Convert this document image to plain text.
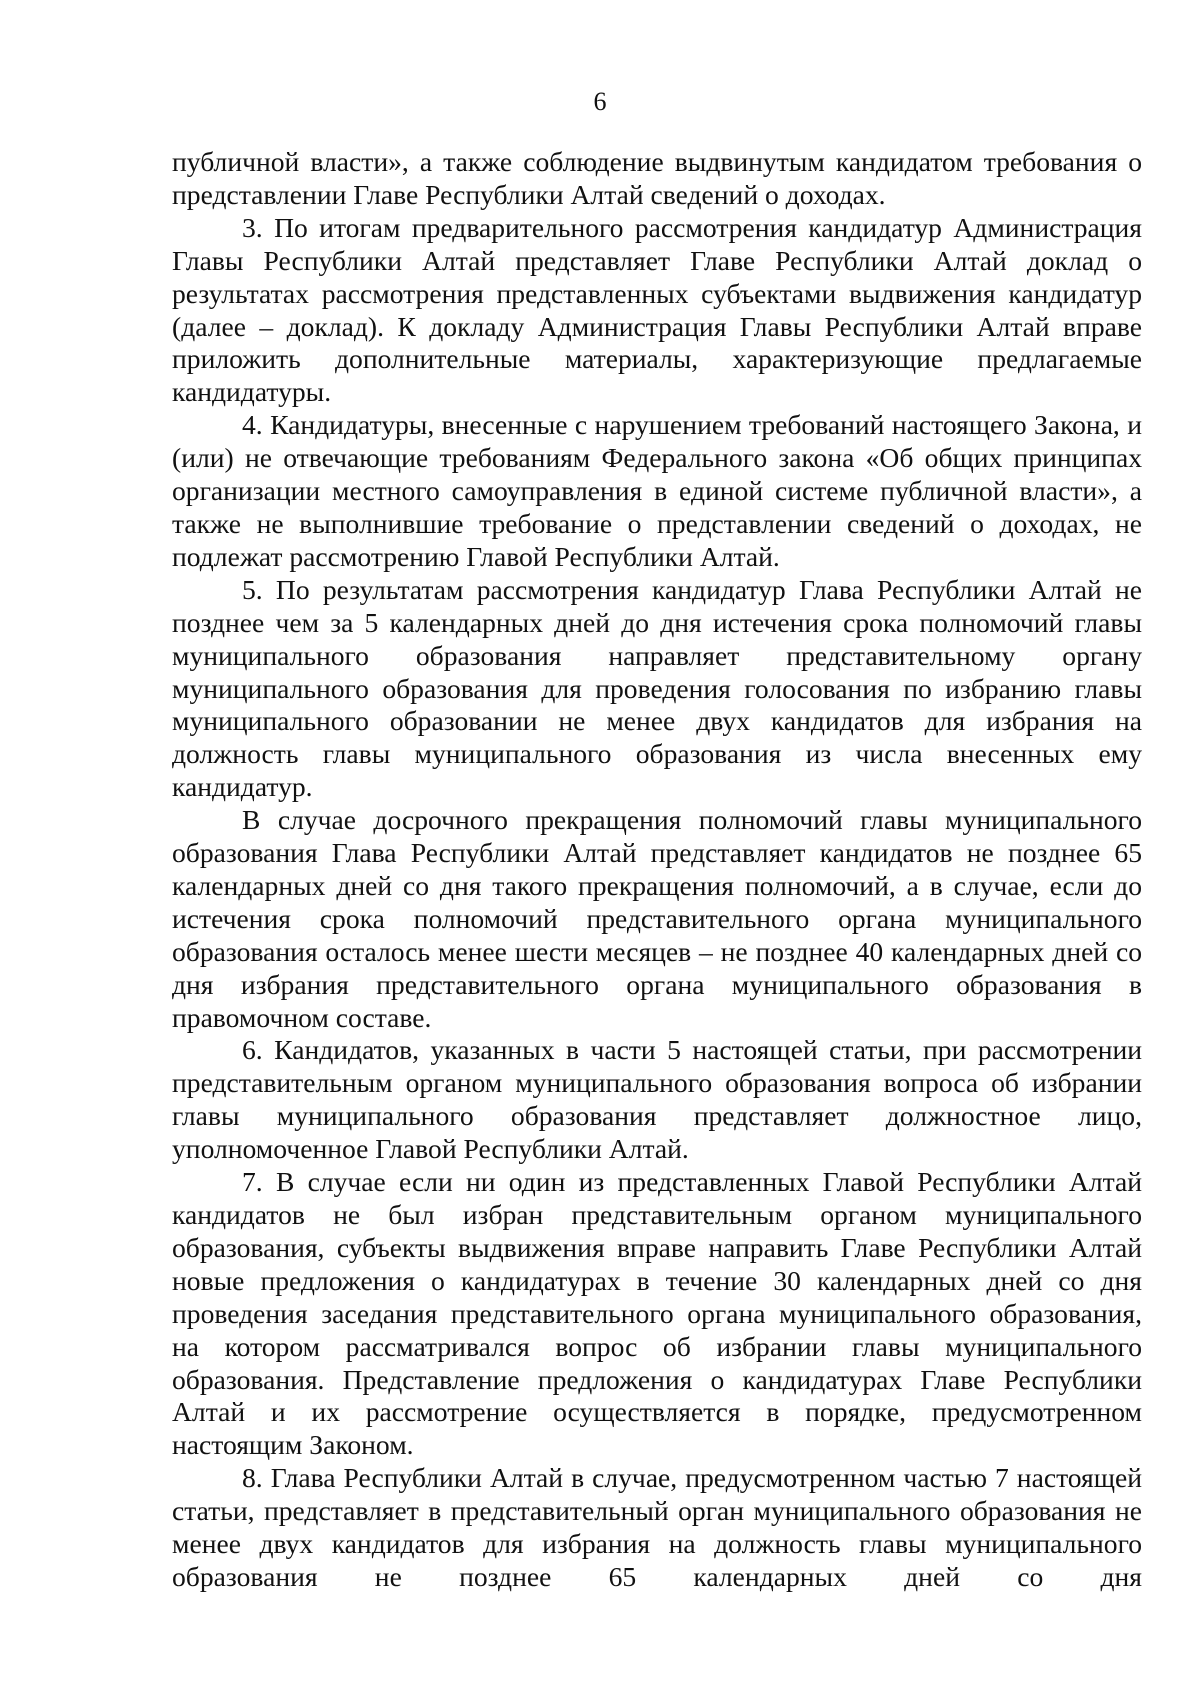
6

публичной власти», а также соблюдение выдвинутым кандидатом требования о представлении Главе Республики Алтай сведений о доходах.

3. По итогам предварительного рассмотрения кандидатур Администрация Главы Республики Алтай представляет Главе Республики Алтай доклад о результатах рассмотрения представленных субъектами выдвижения кандидатур (далее – доклад). К докладу Администрация Главы Республики Алтай вправе приложить дополнительные материалы, характеризующие предлагаемые кандидатуры.

4. Кандидатуры, внесенные с нарушением требований настоящего Закона, и (или) не отвечающие требованиям Федерального закона «Об общих принципах организации местного самоуправления в единой системе публичной власти», а также не выполнившие требование о представлении сведений о доходах, не подлежат рассмотрению Главой Республики Алтай.

5. По результатам рассмотрения кандидатур Глава Республики Алтай не позднее чем за 5 календарных дней до дня истечения срока полномочий главы муниципального образования направляет представительному органу муниципального образования для проведения голосования по избранию главы муниципального образовании не менее двух кандидатов для избрания на должность главы муниципального образования из числа внесенных ему кандидатур.

В случае досрочного прекращения полномочий главы муниципального образования Глава Республики Алтай представляет кандидатов не позднее 65 календарных дней со дня такого прекращения полномочий, а в случае, если до истечения срока полномочий представительного органа муниципального образования осталось менее шести месяцев – не позднее 40 календарных дней со дня избрания представительного органа муниципального образования в правомочном составе.

6. Кандидатов, указанных в части 5 настоящей статьи, при рассмотрении представительным органом муниципального образования вопроса об избрании главы муниципального образования представляет должностное лицо, уполномоченное Главой Республики Алтай.

7. В случае если ни один из представленных Главой Республики Алтай кандидатов не был избран представительным органом муниципального образования, субъекты выдвижения вправе направить Главе Республики Алтай новые предложения о кандидатурах в течение 30 календарных дней со дня проведения заседания представительного органа муниципального образования, на котором рассматривался вопрос об избрании главы муниципального образования. Представление предложения о кандидатурах Главе Республики Алтай и их рассмотрение осуществляется в порядке, предусмотренном настоящим Законом.

8. Глава Республики Алтай в случае, предусмотренном частью 7 настоящей статьи, представляет в представительный орган муниципального образования не менее двух кандидатов для избрания на должность главы муниципального образования не позднее 65 календарных дней со дня
